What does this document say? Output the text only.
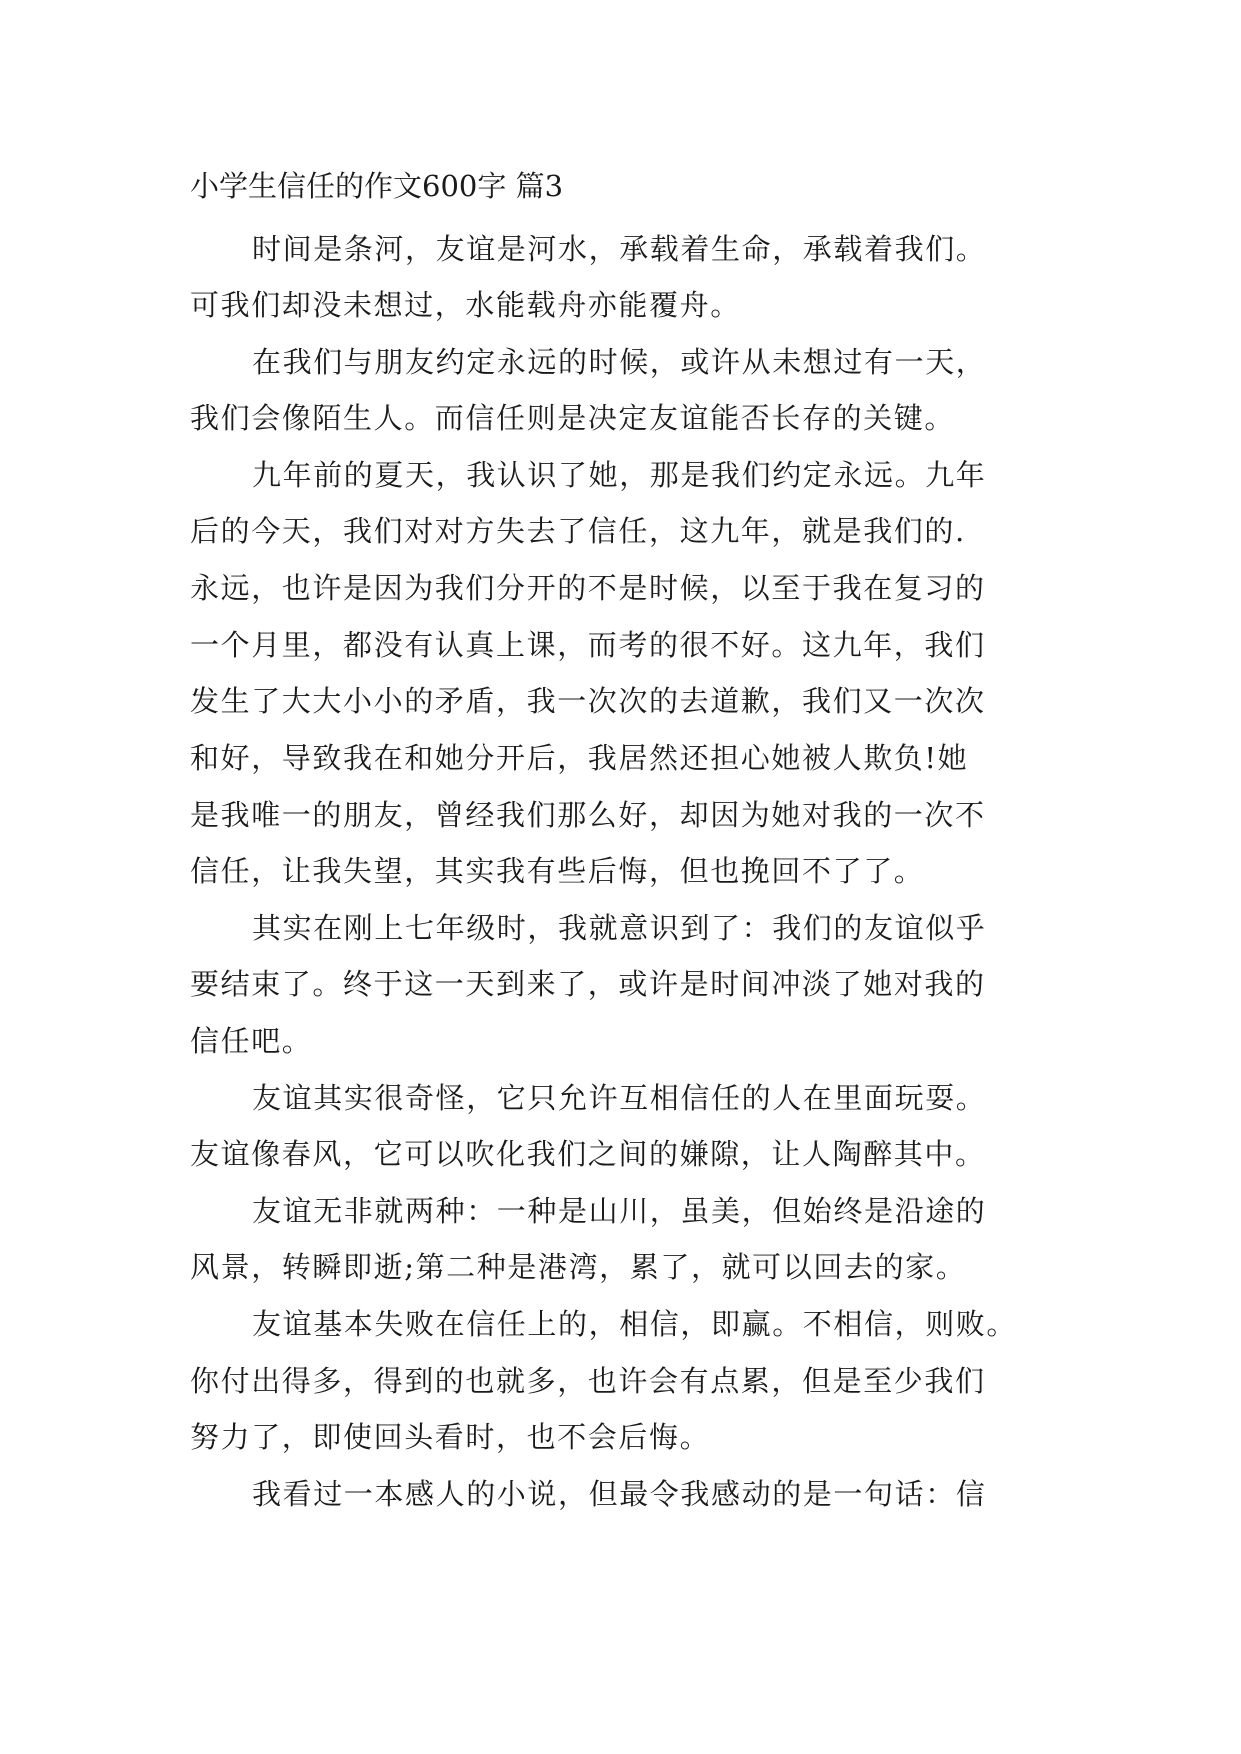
小学生信任的作文600字 篇3
时间是条河，友谊是河水，承载着生命，承载着我们。
可我们却没未想过，水能载舟亦能覆舟。
在我们与朋友约定永远的时候，或许从未想过有一天，
我们会像陌生人。而信任则是决定友谊能否长存的关键。
九年前的夏天，我认识了她，那是我们约定永远。九年
后的今天，我们对对方失去了信任，这九年，就是我们的.
永远，也许是因为我们分开的不是时候，以至于我在复习的
一个月里，都没有认真上课，而考的很不好。这九年，我们
发生了大大小小的矛盾，我一次次的去道歉，我们又一次次
和好，导致我在和她分开后，我居然还担心她被人欺负!她
是我唯一的朋友，曾经我们那么好，却因为她对我的一次不
信任，让我失望，其实我有些后悔，但也挽回不了了。
其实在刚上七年级时，我就意识到了：我们的友谊似乎
要结束了。终于这一天到来了，或许是时间冲淡了她对我的
信任吧。
友谊其实很奇怪，它只允许互相信任的人在里面玩耍。
友谊像春风，它可以吹化我们之间的嫌隙，让人陶醉其中。
友谊无非就两种：一种是山川，虽美，但始终是沿途的
风景，转瞬即逝;第二种是港湾，累了，就可以回去的家。
友谊基本失败在信任上的，相信，即赢。不相信，则败。
你付出得多，得到的也就多，也许会有点累，但是至少我们
努力了，即使回头看时，也不会后悔。
我看过一本感人的小说，但最令我感动的是一句话：信
